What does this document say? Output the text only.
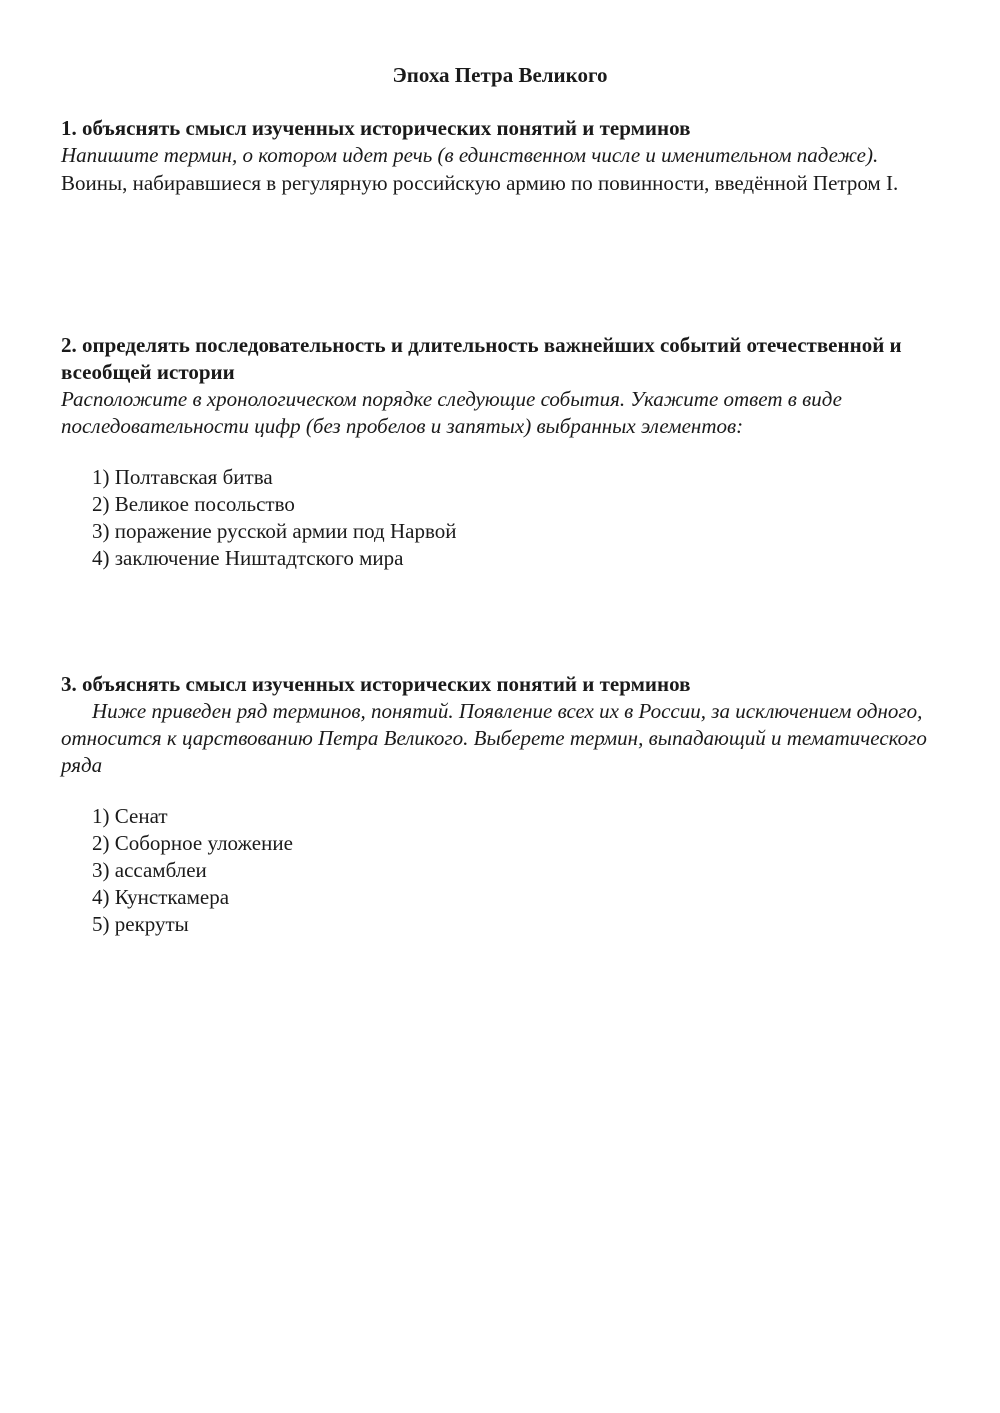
Эпоха Петра Великого

1. объяснять смысл изученных исторических понятий и терминов

Напишите термин, о котором идет речь (в единственном числе и именительном падеже).

Воины, набиравшиеся в регулярную российскую армию по повинности, введённой Петром I.

2. определять последовательность и длительность важнейших событий отечественной и всеобщей истории

Расположите в хронологическом порядке следующие события. Укажите ответ в виде последовательности цифр (без пробелов и запятых) выбранных элементов:

1) Полтавская битва
2) Великое посольство
3) поражение русской армии под Нарвой
4) заключение Ништадтского мира

3. объяснять смысл изученных исторических понятий и терминов

Ниже приведен ряд терминов, понятий. Появление всех их в России, за исключением одного, относится к царствованию Петра Великого. Выберете термин, выпадающий и тематического ряда

1) Сенат
2) Соборное уложение
3) ассамблеи
4) Кунсткамера
5) рекруты
